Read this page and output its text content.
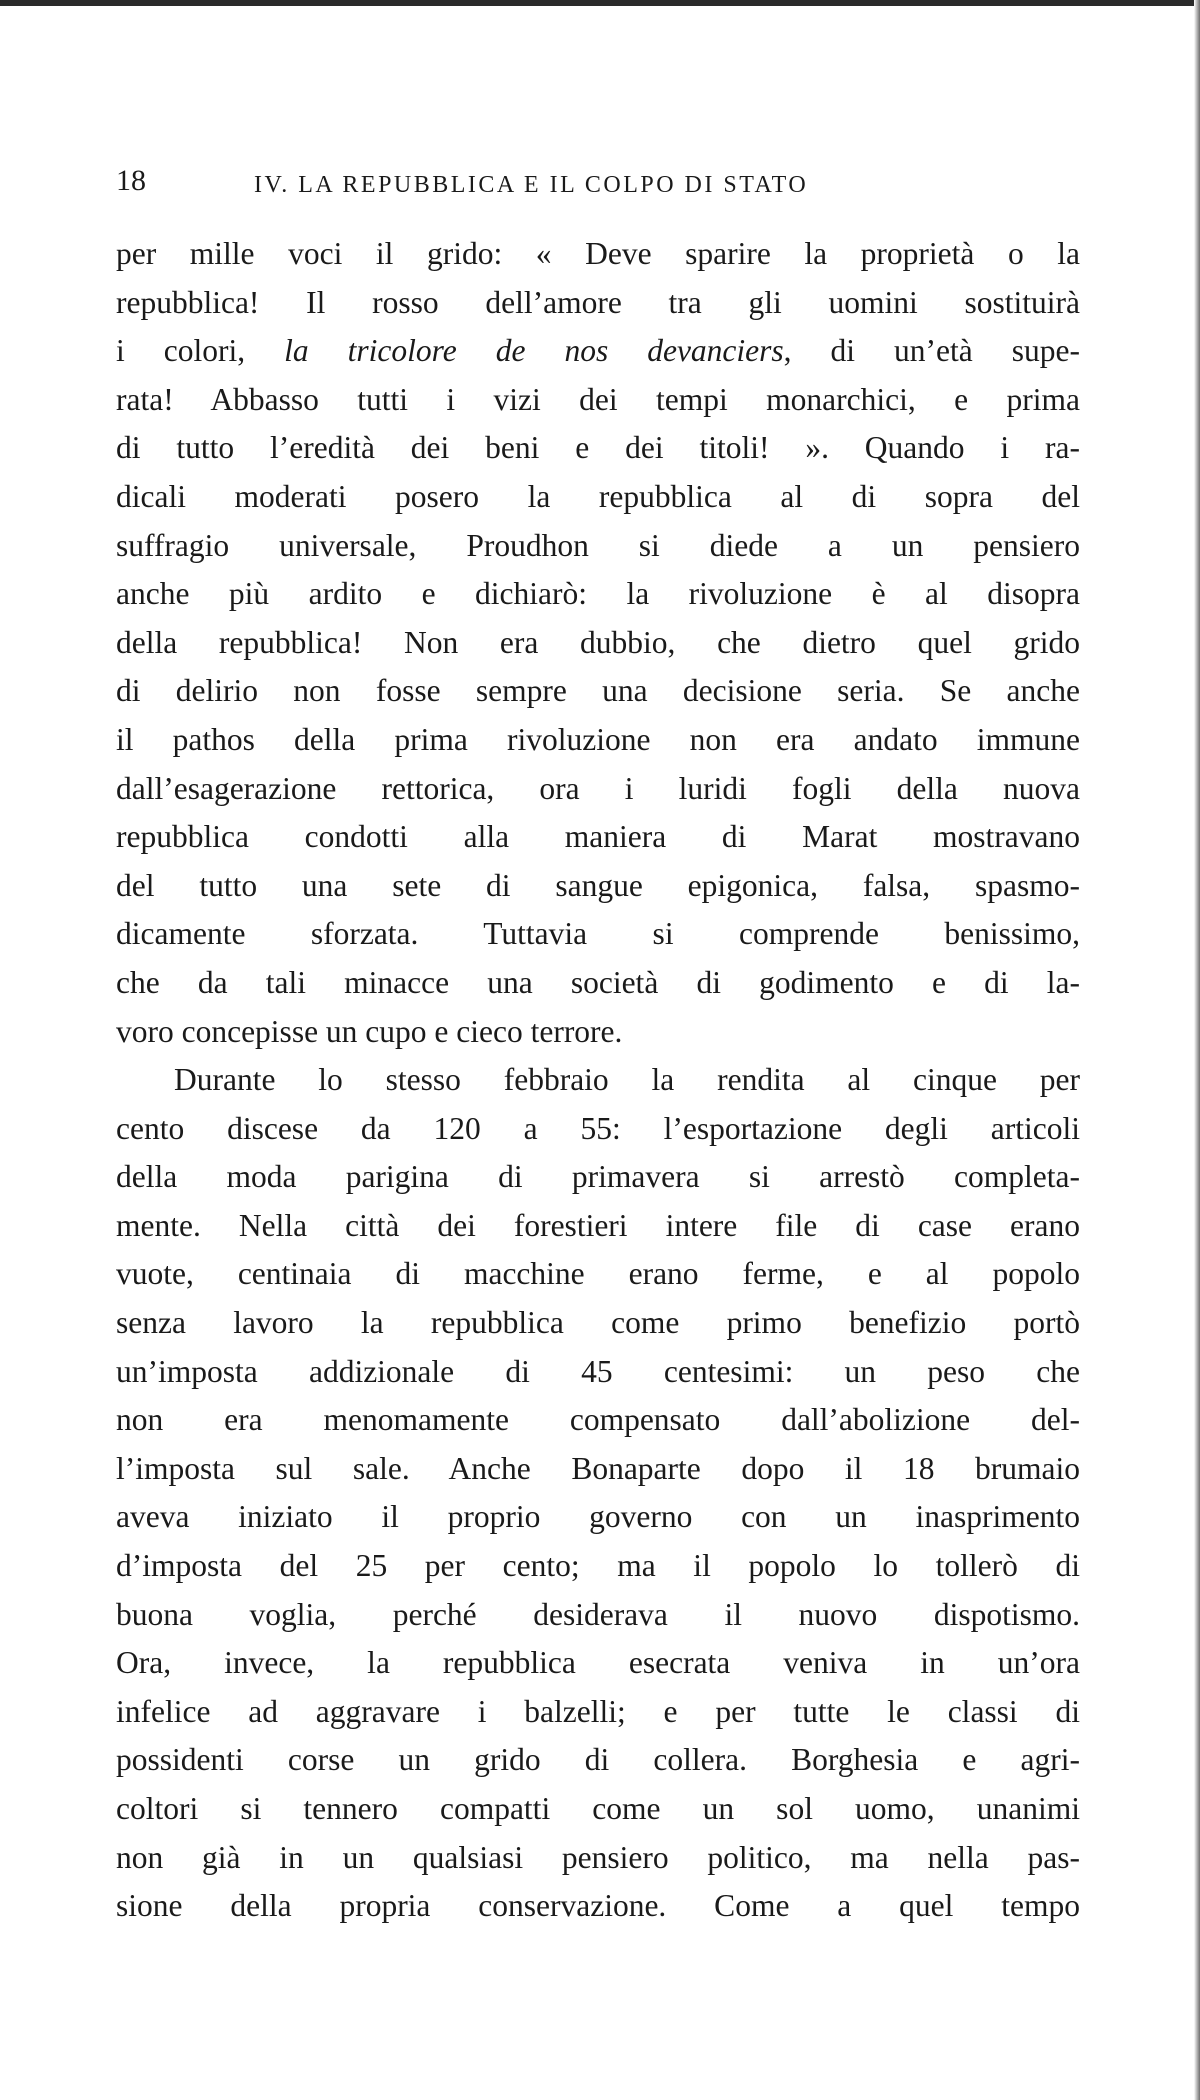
18	IV. LA REPUBBLICA E IL COLPO DI STATO
per mille voci il grido: « Deve sparire la proprietà o la
repubblica! Il rosso dell’amore tra gli uomini sostituirà
i colori, la tricolore de nos devanciers, di un’età supe-
rata! Abbasso tutti i vizi dei tempi monarchici, e prima
di tutto l’eredità dei beni e dei titoli! ». Quando i ra-
dicali moderati posero la repubblica al di sopra del
suffragio universale, Proudhon si diede a un pensiero
anche più ardito e dichiarò: la rivoluzione è al disopra
della repubblica! Non era dubbio, che dietro quel grido
di delirio non fosse sempre una decisione seria. Se anche
il pathos della prima rivoluzione non era andato immune
dall’esagerazione rettorica, ora i luridi fogli della nuova
repubblica condotti alla maniera di Marat mostravano
del tutto una sete di sangue epigonica, falsa, spasmo-
dicamente sforzata. Tuttavia si comprende benissimo,
che da tali minacce una società di godimento e di la-
voro concepisse un cupo e cieco terrore.
Durante lo stesso febbraio la rendita al cinque per
cento discese da 120 a 55: l’esportazione degli articoli
della moda parigina di primavera si arrestò completa-
mente. Nella città dei forestieri intere file di case erano
vuote, centinaia di macchine erano ferme, e al popolo
senza lavoro la repubblica come primo benefizio portò
un’imposta addizionale di 45 centesimi: un peso che
non era menomamente compensato dall’abolizione del-
l’imposta sul sale. Anche Bonaparte dopo il 18 brumaio
aveva iniziato il proprio governo con un inasprimento
d’imposta del 25 per cento; ma il popolo lo tollerò di
buona voglia, perché desiderava il nuovo dispotismo.
Ora, invece, la repubblica esecrata veniva in un’ora
infelice ad aggravare i balzelli; e per tutte le classi di
possidenti corse un grido di collera. Borghesia e agri-
coltori si tennero compatti come un sol uomo, unanimi
non già in un qualsiasi pensiero politico, ma nella pas-
sione della propria conservazione. Come a quel tempo
